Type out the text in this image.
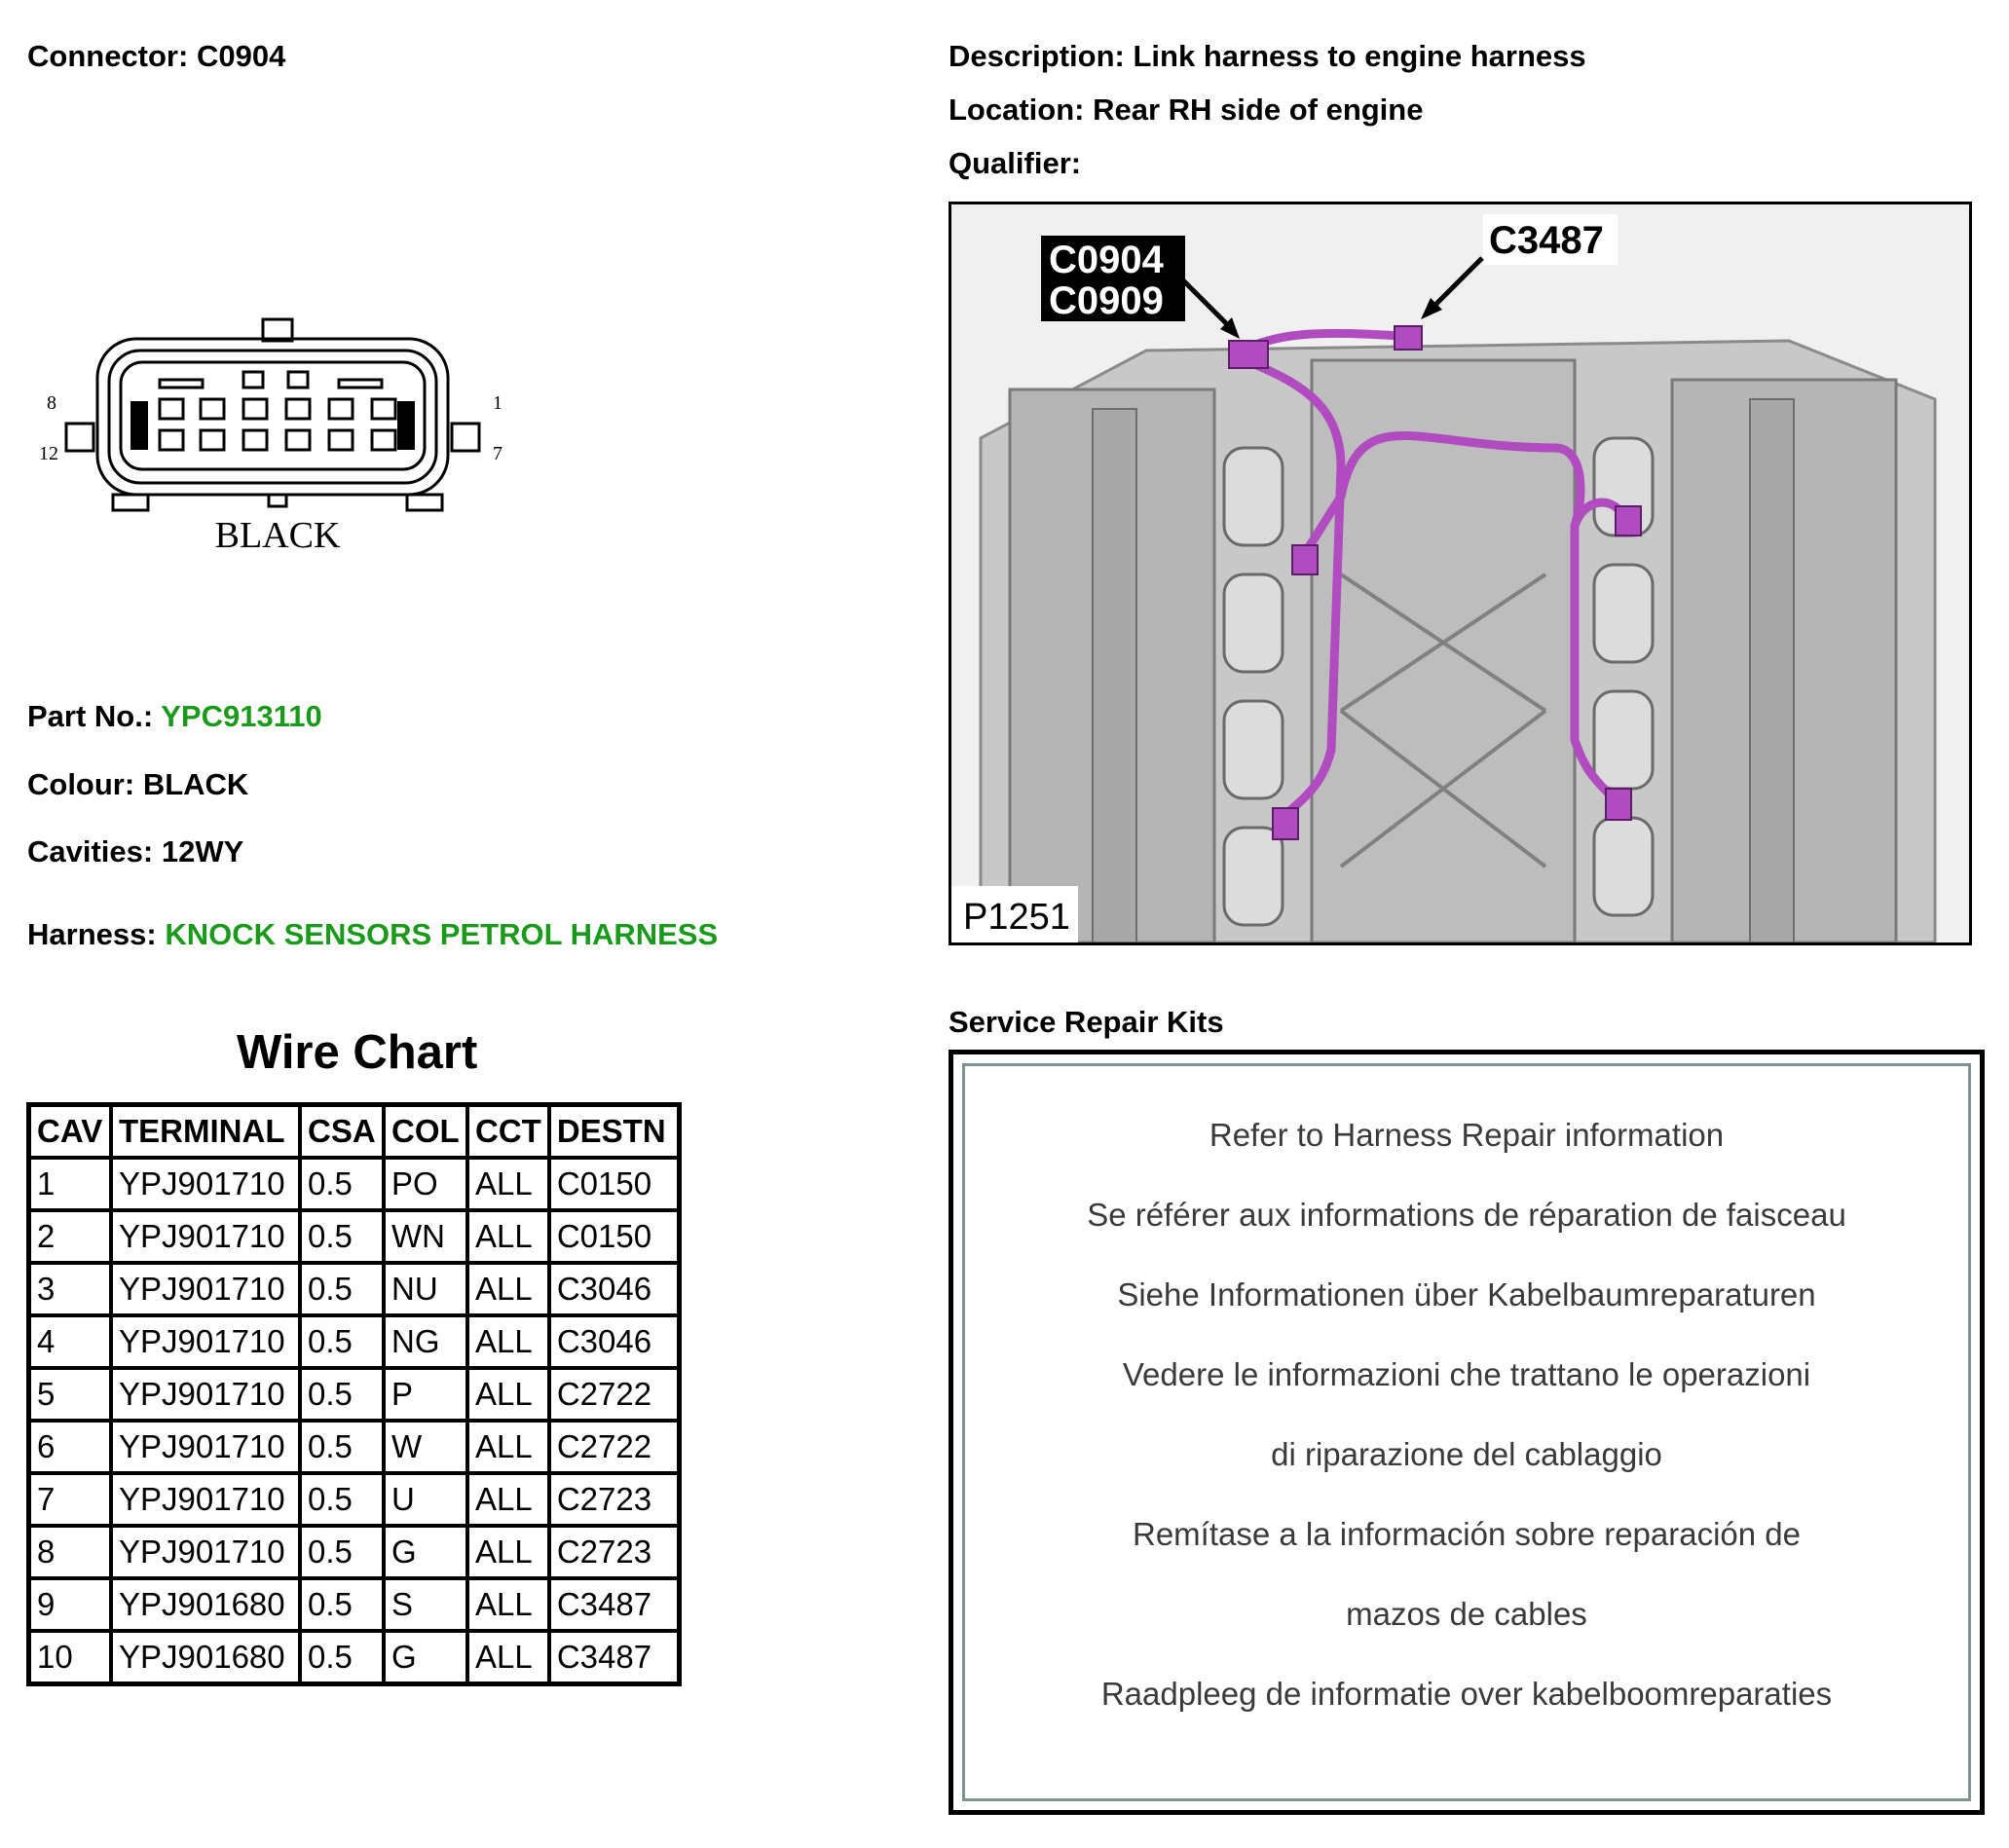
Connector: C0904	Description: Link harness to engine harness
Location: Rear RH side of engine
Qualifier:
8
12
1
7
BLACK
Part No.: YPC913110
Colour: BLACK
Cavities: 12WY
Harness: KNOCK SENSORS PETROL HARNESS
Wire Chart
CAV	TERMINAL	CSA	COL	CCT	DESTN
1	YPJ901710	0.5	PO	ALL	C0150
2	YPJ901710	0.5	WN	ALL	C0150
3	YPJ901710	0.5	NU	ALL	C3046
4	YPJ901710	0.5	NG	ALL	C3046
5	YPJ901710	0.5	P	ALL	C2722
6	YPJ901710	0.5	W	ALL	C2722
7	YPJ901710	0.5	U	ALL	C2723
8	YPJ901710	0.5	G	ALL	C2723
9	YPJ901680	0.5	S	ALL	C3487
10	YPJ901680	0.5	G	ALL	C3487
C0904
C0909
C3487
P1251
Service Repair Kits
Refer to Harness Repair information
Se référer aux informations de réparation de faisceau
Siehe Informationen über Kabelbaumreparaturen
Vedere le informazioni che trattano le operazioni
di riparazione del cablaggio
Remítase a la información sobre reparación de
mazos de cables
Raadpleeg de informatie over kabelboomreparaties
